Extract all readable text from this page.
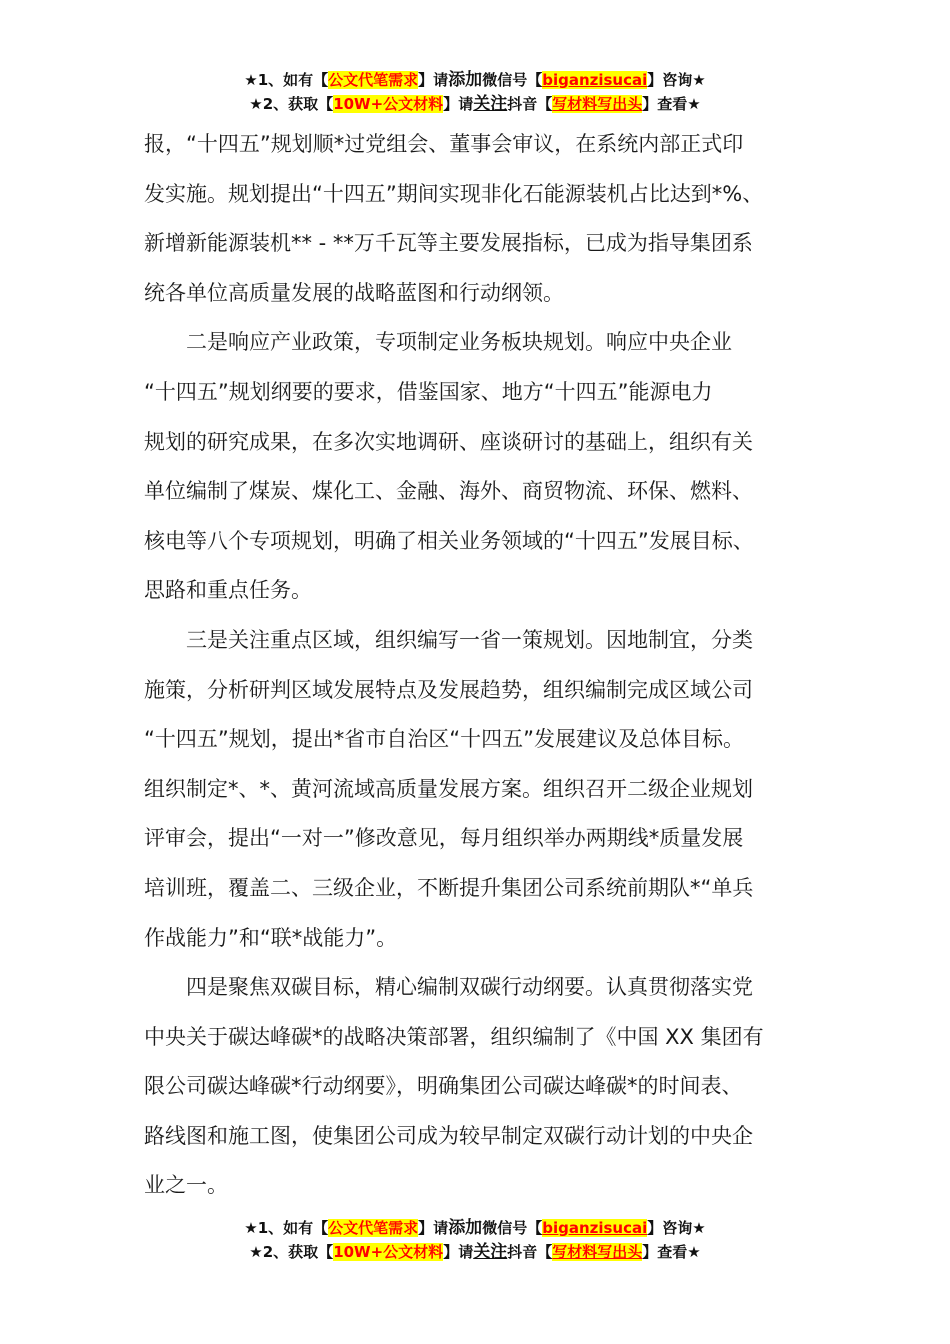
★1、如有【公文代笔需求】请添加微信号【biganzisucai】咨询★
★2、获取【10W+公文材料】请关注抖音【写材料写出头】查看★
报，“十四五”规划顺*过党组会、董事会审议，在系统内部正式印
发实施。规划提出“十四五”期间实现非化石能源装机占比达到*%、
新增新能源装机** - **万千瓦等主要发展指标，已成为指导集团系
统各单位高质量发展的战略蓝图和行动纲领。
　　二是响应产业政策，专项制定业务板块规划。响应中央企业
“十四五”规划纲要的要求，借鉴国家、地方“十四五”能源电力
规划的研究成果，在多次实地调研、座谈研讨的基础上，组织有关
单位编制了煤炭、煤化工、金融、海外、商贸物流、环保、燃料、
核电等八个专项规划，明确了相关业务领域的“十四五”发展目标、
思路和重点任务。
　　三是关注重点区域，组织编写一省一策规划。因地制宜，分类
施策，分析研判区域发展特点及发展趋势，组织编制完成区域公司
“十四五”规划，提出*省市自治区“十四五”发展建议及总体目标。
组织制定*、*、黄河流域高质量发展方案。组织召开二级企业规划
评审会，提出“一对一”修改意见，每月组织举办两期线*质量发展
培训班，覆盖二、三级企业，不断提升集团公司系统前期队*“单兵
作战能力”和“联*战能力”。
　　四是聚焦双碳目标，精心编制双碳行动纲要。认真贯彻落实党
中央关于碳达峰碳*的战略决策部署，组织编制了《中国 XX 集团有
限公司碳达峰碳*行动纲要》，明确集团公司碳达峰碳*的时间表、
路线图和施工图，使集团公司成为较早制定双碳行动计划的中央企
业之一。
★1、如有【公文代笔需求】请添加微信号【biganzisucai】咨询★
★2、获取【10W+公文材料】请关注抖音【写材料写出头】查看★
